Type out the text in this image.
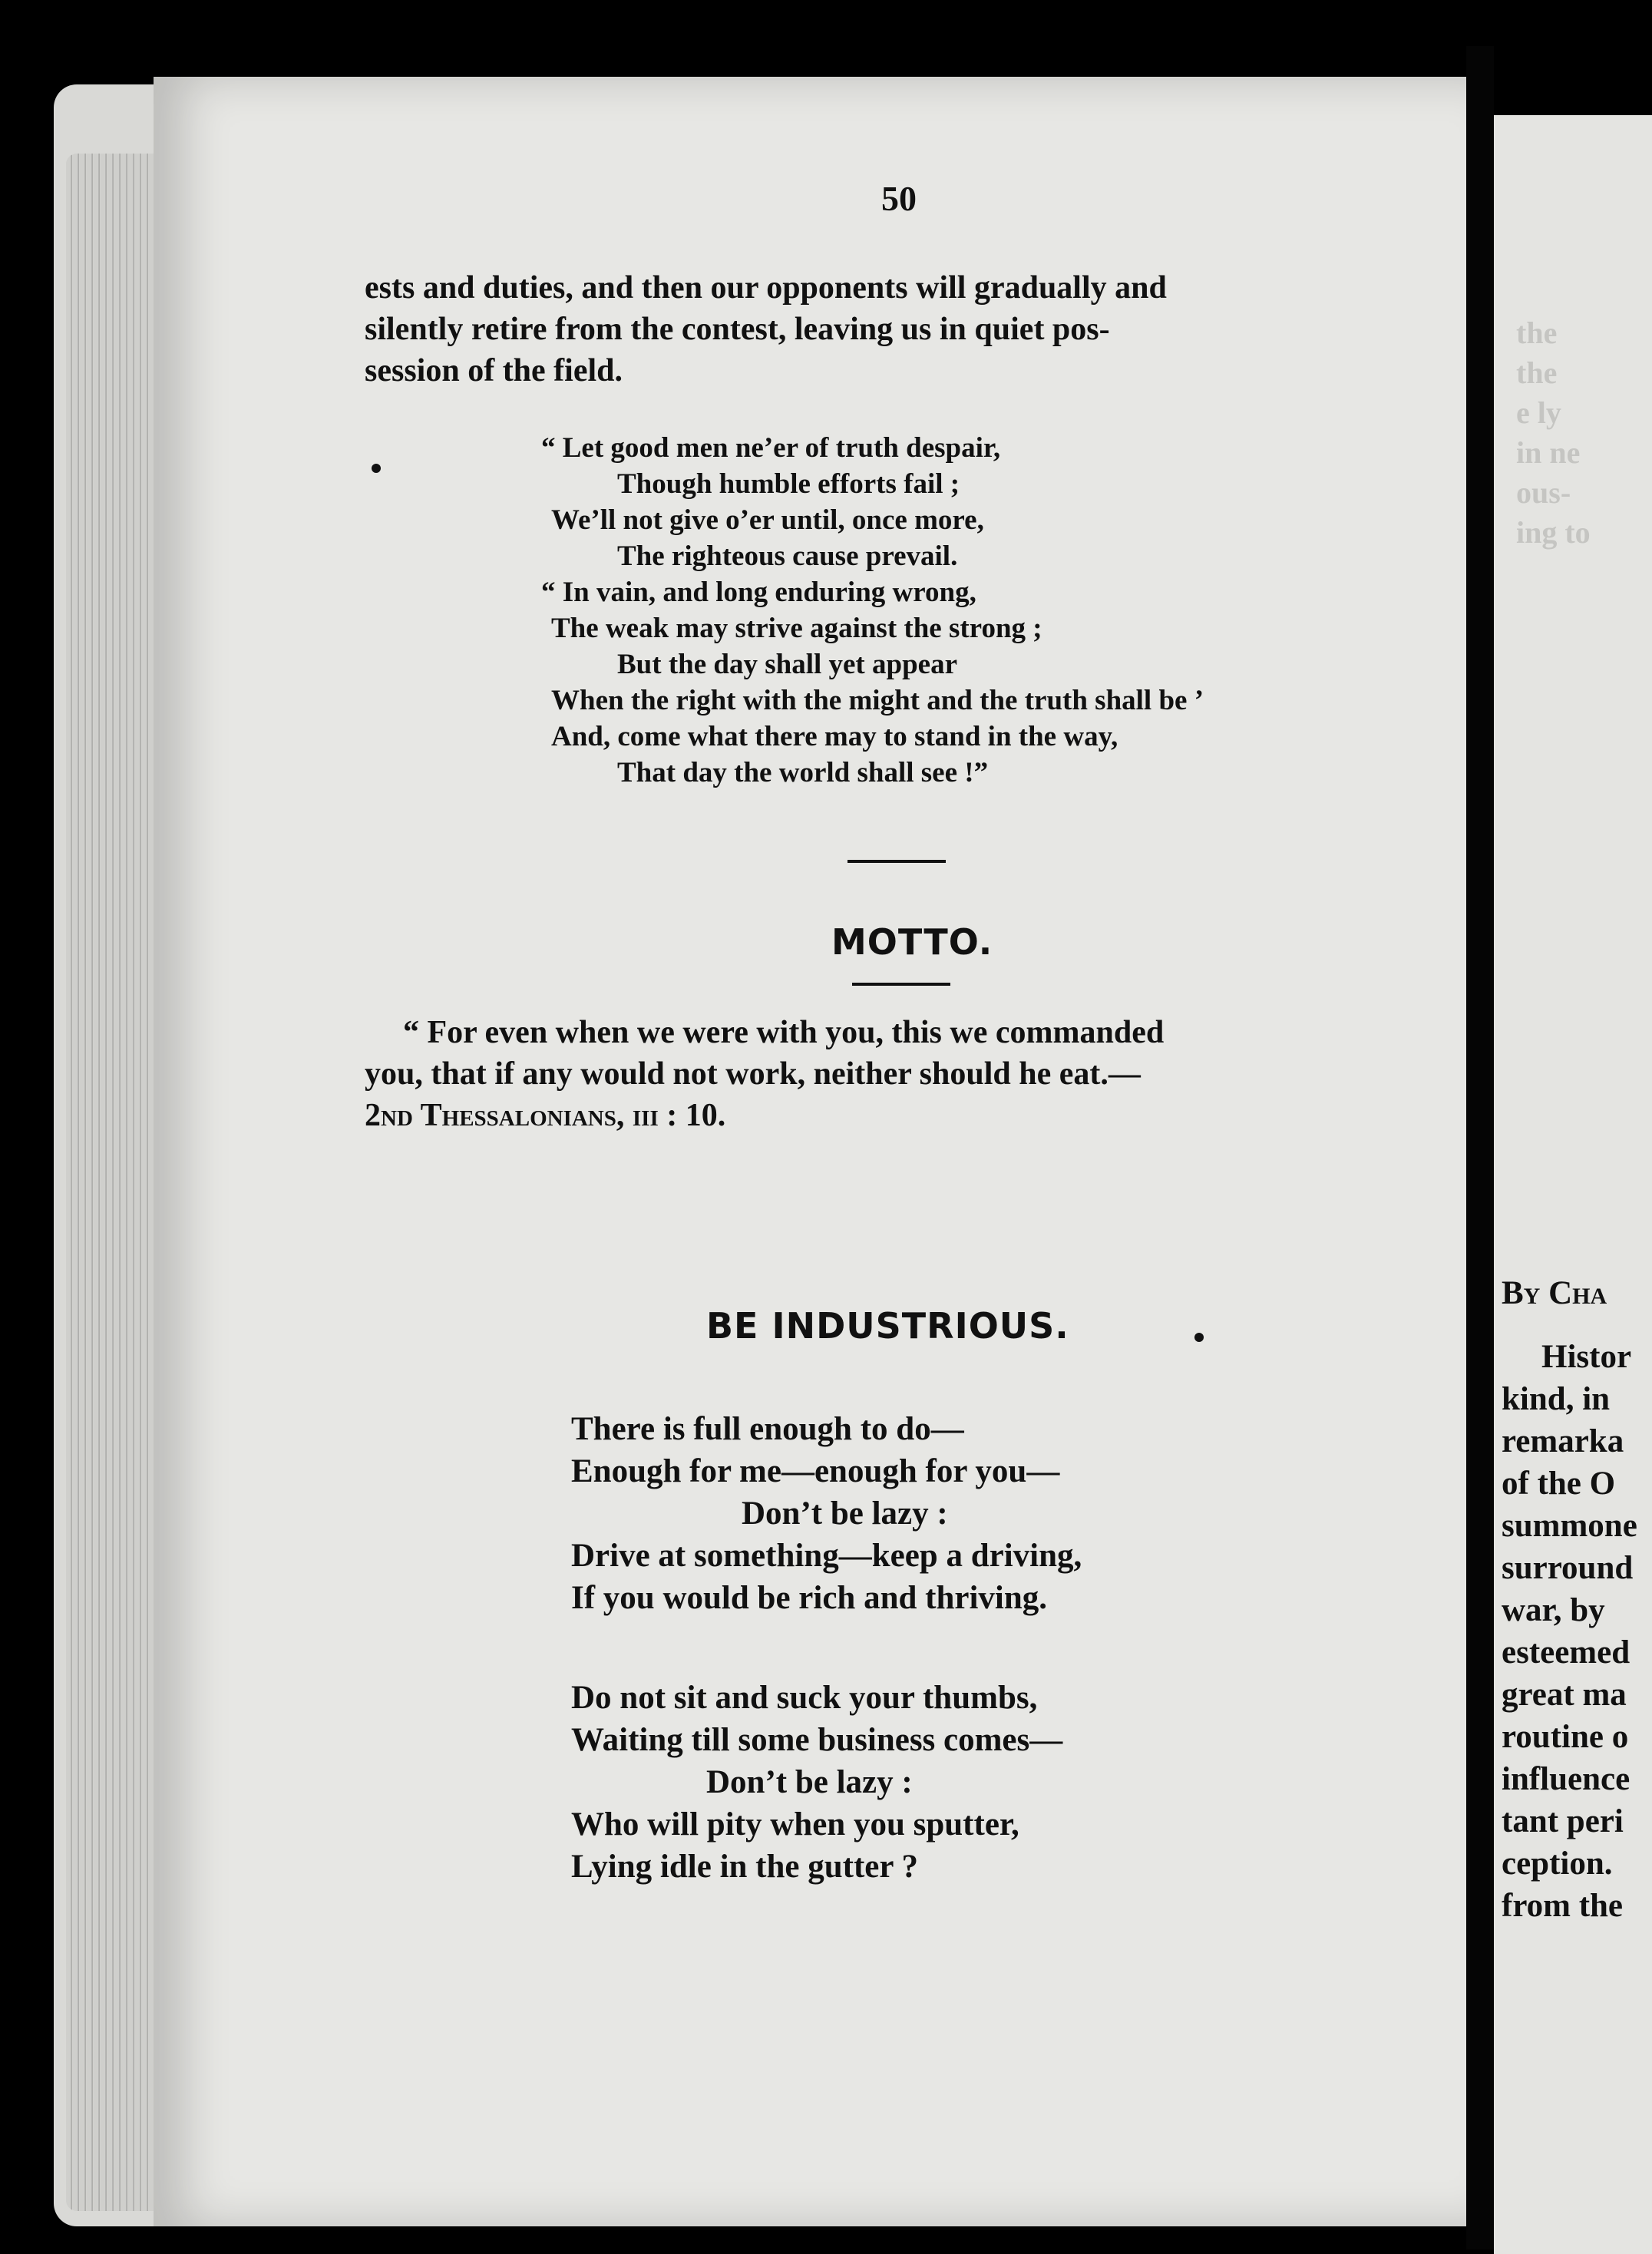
50
ests and duties, and then our opponents will gradually and
silently retire from the contest, leaving us in quiet pos-
session of the field.
“ Let good men ne’er of truth despair,
Though humble efforts fail ;
We’ll not give o’er until, once more,
The righteous cause prevail.
“ In vain, and long enduring wrong,
The weak may strive against the strong ;
But the day shall yet appear
When the right with the might and the truth shall be ’
And, come what there may to stand in the way,
That day the world shall see !”
MOTTO.
“ For even when we were with you, this we commanded
you, that if any would not work, neither should he eat.—
2nd Thessalonians, iii : 10.
BE INDUSTRIOUS.
There is full enough to do—
Enough for me—enough for you—
Don’t be lazy :
Drive at something—keep a driving,
If you would be rich and thriving.
Do not sit and suck your thumbs,
Waiting till some business comes—
Don’t be lazy :
Who will pity when you sputter,
Lying idle in the gutter ?
the
the
e ly
in ne
ous-
ing to
By Cha
Histor
kind, in
remarka
of the O
summone
surround
war, by
esteemed
great ma
routine o
influence
tant peri
ception.
from the
